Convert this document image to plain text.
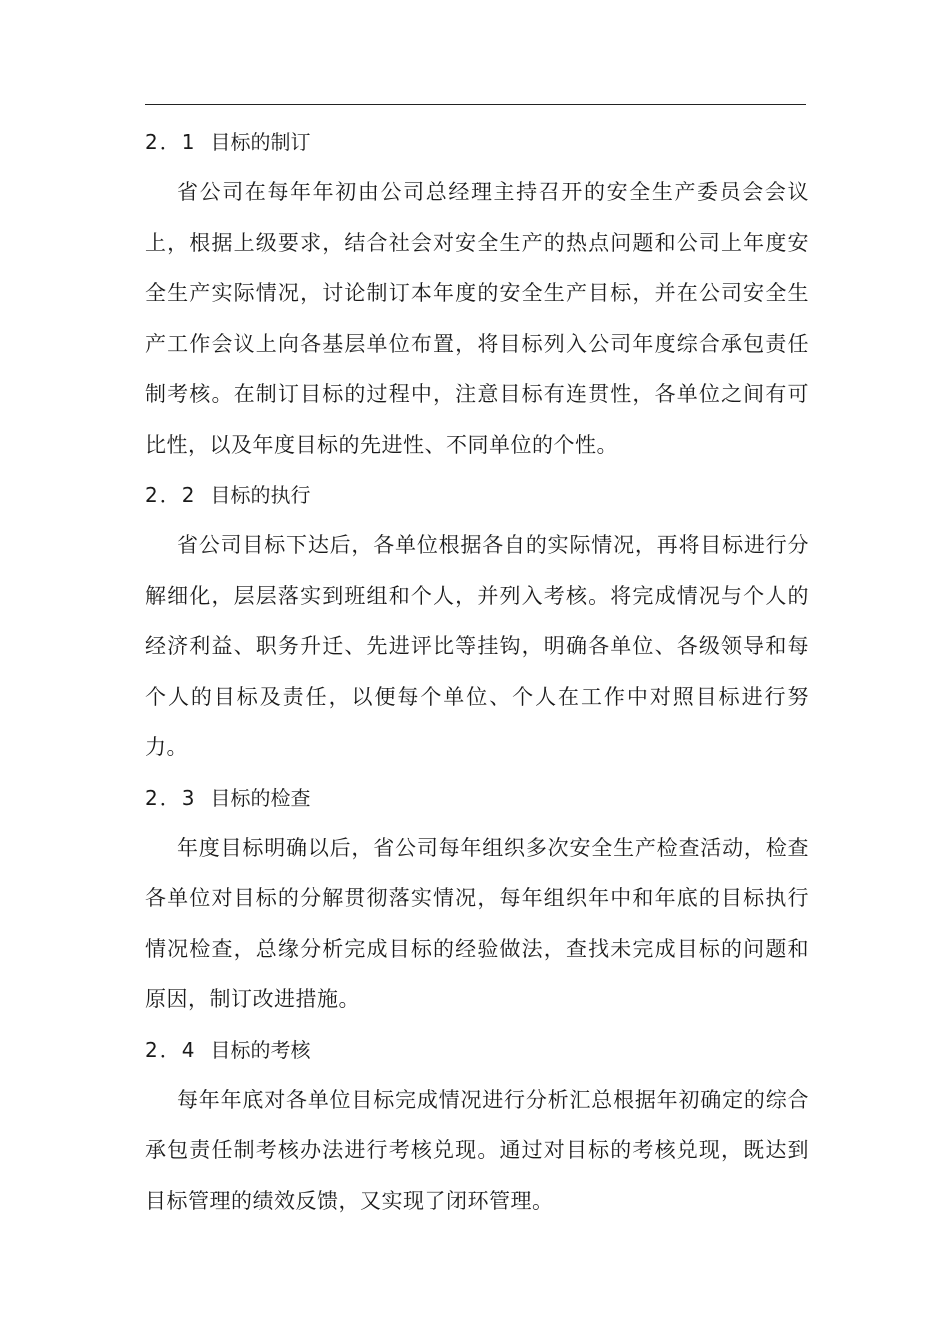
2．1 目标的制订

省公司在每年年初由公司总经理主持召开的安全生产委员会会议上，根据上级要求，结合社会对安全生产的热点问题和公司上年度安全生产实际情况，讨论制订本年度的安全生产目标，并在公司安全生产工作会议上向各基层单位布置，将目标列入公司年度综合承包责任制考核。在制订目标的过程中，注意目标有连贯性，各单位之间有可比性，以及年度目标的先进性、不同单位的个性。

2．2 目标的执行

省公司目标下达后，各单位根据各自的实际情况，再将目标进行分解细化，层层落实到班组和个人，并列入考核。将完成情况与个人的经济利益、职务升迁、先进评比等挂钩，明确各单位、各级领导和每个人的目标及责任，以便每个单位、个人在工作中对照目标进行努力。

2．3 目标的检查

年度目标明确以后，省公司每年组织多次安全生产检查活动，检查各单位对目标的分解贯彻落实情况，每年组织年中和年底的目标执行情况检查，总缘分析完成目标的经验做法，查找未完成目标的问题和原因，制订改进措施。

2．4 目标的考核

每年年底对各单位目标完成情况进行分析汇总根据年初确定的综合承包责任制考核办法进行考核兑现。通过对目标的考核兑现，既达到目标管理的绩效反馈，又实现了闭环管理。
